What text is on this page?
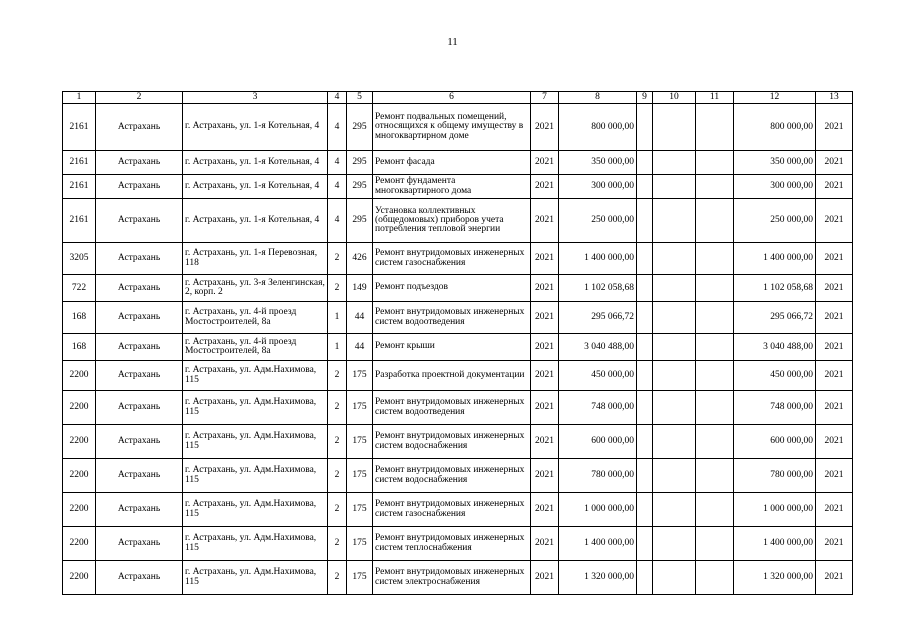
11
1	2	3	4	5	6	7	8	9	10	11	12	13
2161	Астрахань	г. Астрахань, ул. 1-я Котельная, 4	4	295	Ремонт подвальных помещений, относящихся к общему имуществу в многоквартирном доме	2021	800 000,00				800 000,00	2021
2161	Астрахань	г. Астрахань, ул. 1-я Котельная, 4	4	295	Ремонт фасада	2021	350 000,00				350 000,00	2021
2161	Астрахань	г. Астрахань, ул. 1-я Котельная, 4	4	295	Ремонт фундамента многоквартирного дома	2021	300 000,00				300 000,00	2021
2161	Астрахань	г. Астрахань, ул. 1-я Котельная, 4	4	295	Установка коллективных (общедомовых) приборов учета потребления тепловой энергии	2021	250 000,00				250 000,00	2021
3205	Астрахань	г. Астрахань, ул. 1-я Перевозная, 118	2	426	Ремонт внутридомовых инженерных систем газоснабжения	2021	1 400 000,00				1 400 000,00	2021
722	Астрахань	г. Астрахань, ул. 3-я Зеленгинская, 2, корп. 2	2	149	Ремонт подъездов	2021	1 102 058,68				1 102 058,68	2021
168	Астрахань	г. Астрахань, ул. 4-й проезд Мостостроителей, 8а	1	44	Ремонт внутридомовых инженерных систем водоотведения	2021	295 066,72				295 066,72	2021
168	Астрахань	г. Астрахань, ул. 4-й проезд Мостостроителей, 8а	1	44	Ремонт крыши	2021	3 040 488,00				3 040 488,00	2021
2200	Астрахань	г. Астрахань, ул. Адм.Нахимова, 115	2	175	Разработка проектной документации	2021	450 000,00				450 000,00	2021
2200	Астрахань	г. Астрахань, ул. Адм.Нахимова, 115	2	175	Ремонт внутридомовых инженерных систем водоотведения	2021	748 000,00				748 000,00	2021
2200	Астрахань	г. Астрахань, ул. Адм.Нахимова, 115	2	175	Ремонт внутридомовых инженерных систем водоснабжения	2021	600 000,00				600 000,00	2021
2200	Астрахань	г. Астрахань, ул. Адм.Нахимова, 115	2	175	Ремонт внутридомовых инженерных систем водоснабжения	2021	780 000,00				780 000,00	2021
2200	Астрахань	г. Астрахань, ул. Адм.Нахимова, 115	2	175	Ремонт внутридомовых инженерных систем газоснабжения	2021	1 000 000,00				1 000 000,00	2021
2200	Астрахань	г. Астрахань, ул. Адм.Нахимова, 115	2	175	Ремонт внутридомовых инженерных систем теплоснабжения	2021	1 400 000,00				1 400 000,00	2021
2200	Астрахань	г. Астрахань, ул. Адм.Нахимова, 115	2	175	Ремонт внутридомовых инженерных систем электроснабжения	2021	1 320 000,00				1 320 000,00	2021
